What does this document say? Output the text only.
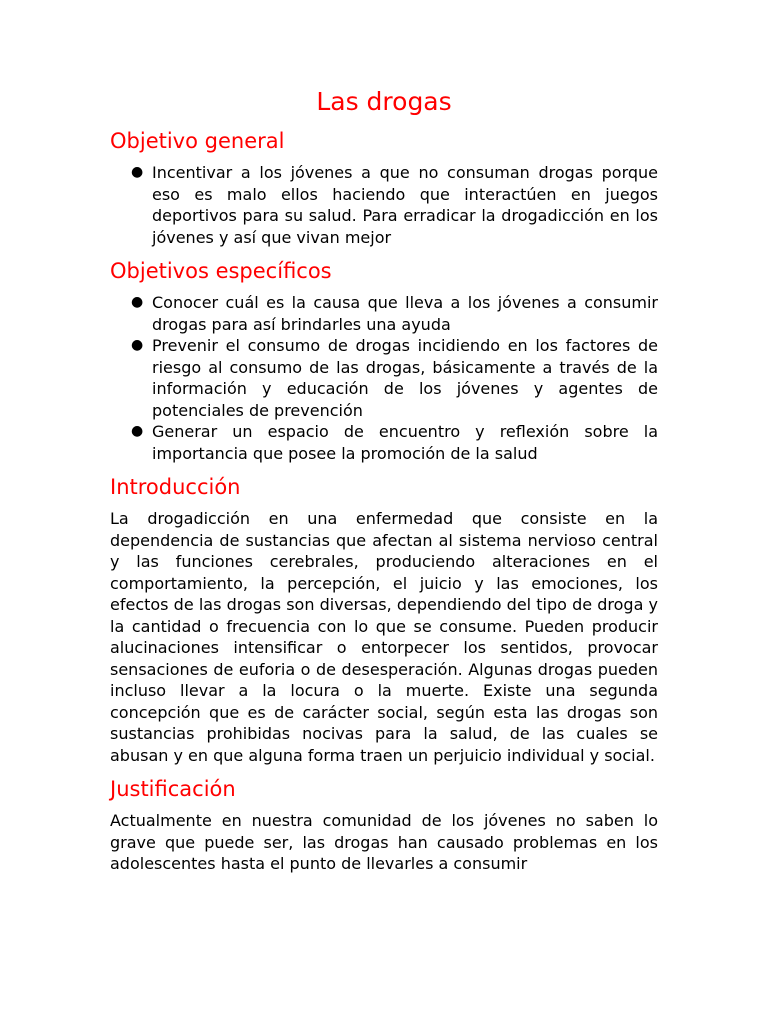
Las drogas
Objetivo general
● Incentivar a los jóvenes a que no consuman drogas porque eso es malo ellos haciendo que interactúen en juegos deportivos para su salud. Para erradicar la drogadicción en los jóvenes y así que vivan mejor
Objetivos específicos
● Conocer cuál es la causa que lleva a los jóvenes a consumir drogas para así brindarles una ayuda
● Prevenir el consumo de drogas incidiendo en los factores de riesgo al consumo de las drogas, básicamente a través de la información y educación de los jóvenes y agentes de potenciales de prevención
● Generar un espacio de encuentro y reflexión sobre la importancia que posee la promoción de la salud
Introducción

La drogadicción en una enfermedad que consiste en la dependencia de sustancias que afectan al sistema nervioso central y las funciones cerebrales, produciendo alteraciones en el comportamiento, la percepción, el juicio y las emociones, los efectos de las drogas son diversas, dependiendo del tipo de droga y la cantidad o frecuencia con lo que se consume. Pueden producir alucinaciones intensificar o entorpecer los sentidos, provocar sensaciones de euforia o de desesperación. Algunas drogas pueden incluso llevar a la locura o la muerte. Existe una segunda concepción que es de carácter social, según esta las drogas son sustancias prohibidas nocivas para la salud, de las cuales se abusan y en que alguna forma traen un perjuicio individual y social.

Justificación

Actualmente en nuestra comunidad de los jóvenes no saben lo grave que puede ser, las drogas han causado problemas en los adolescentes hasta el punto de llevarles a consumir
